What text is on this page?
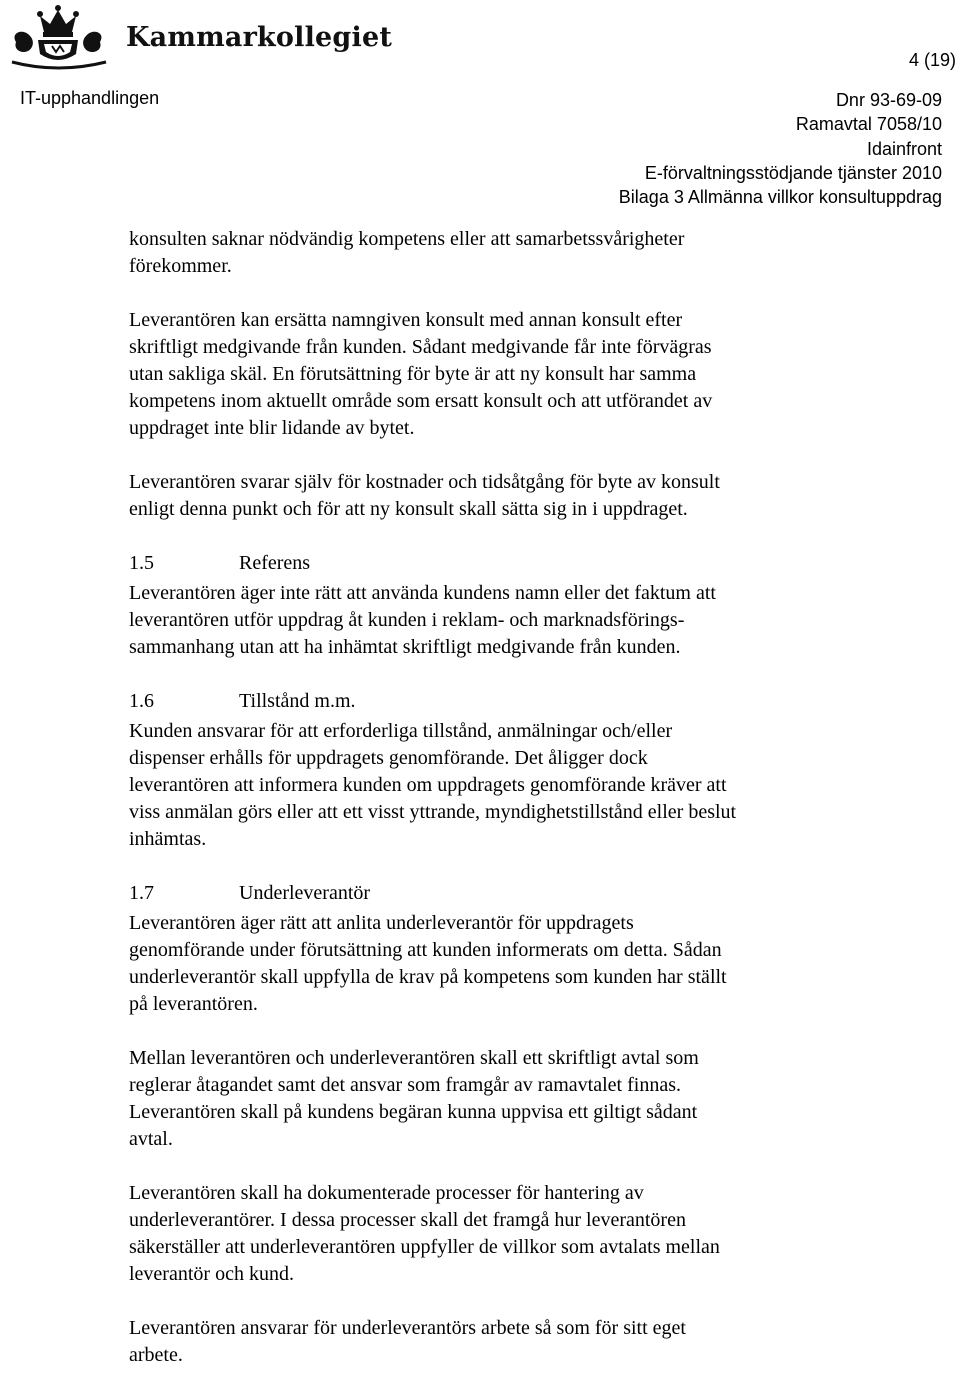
Kammarkollegiet
4 (19)
IT-upphandlingen	Dnr 93-69-09
Ramavtal 7058/10
Idainfront
E-förvaltningsstödjande tjänster 2010
Bilaga 3 Allmänna villkor konsultuppdrag

konsulten saknar nödvändig kompetens eller att samarbetssvårigheter
förekommer.

Leverantören kan ersätta namngiven konsult med annan konsult efter
skriftligt medgivande från kunden. Sådant medgivande får inte förvägras
utan sakliga skäl. En förutsättning för byte är att ny konsult har samma
kompetens inom aktuellt område som ersatt konsult och att utförandet av
uppdraget inte blir lidande av bytet.

Leverantören svarar själv för kostnader och tidsåtgång för byte av konsult
enligt denna punkt och för att ny konsult skall sätta sig in i uppdraget.

1.5	Referens

Leverantören äger inte rätt att använda kundens namn eller det faktum att
leverantören utför uppdrag åt kunden i reklam- och marknadsförings-
sammanhang utan att ha inhämtat skriftligt medgivande från kunden.

1.6	Tillstånd m.m.

Kunden ansvarar för att erforderliga tillstånd, anmälningar och/eller
dispenser erhålls för uppdragets genomförande. Det åligger dock
leverantören att informera kunden om uppdragets genomförande kräver att
viss anmälan görs eller att ett visst yttrande, myndighetstillstånd eller beslut
inhämtas.

1.7	Underleverantör

Leverantören äger rätt att anlita underleverantör för uppdragets
genomförande under förutsättning att kunden informerats om detta. Sådan
underleverantör skall uppfylla de krav på kompetens som kunden har ställt
på leverantören.

Mellan leverantören och underleverantören skall ett skriftligt avtal som
reglerar åtagandet samt det ansvar som framgår av ramavtalet finnas.
Leverantören skall på kundens begäran kunna uppvisa ett giltigt sådant
avtal.

Leverantören skall ha dokumenterade processer för hantering av
underleverantörer. I dessa processer skall det framgå hur leverantören
säkerställer att underleverantören uppfyller de villkor som avtalats mellan
leverantör och kund.

Leverantören ansvarar för underleverantörs arbete så som för sitt eget
arbete.
